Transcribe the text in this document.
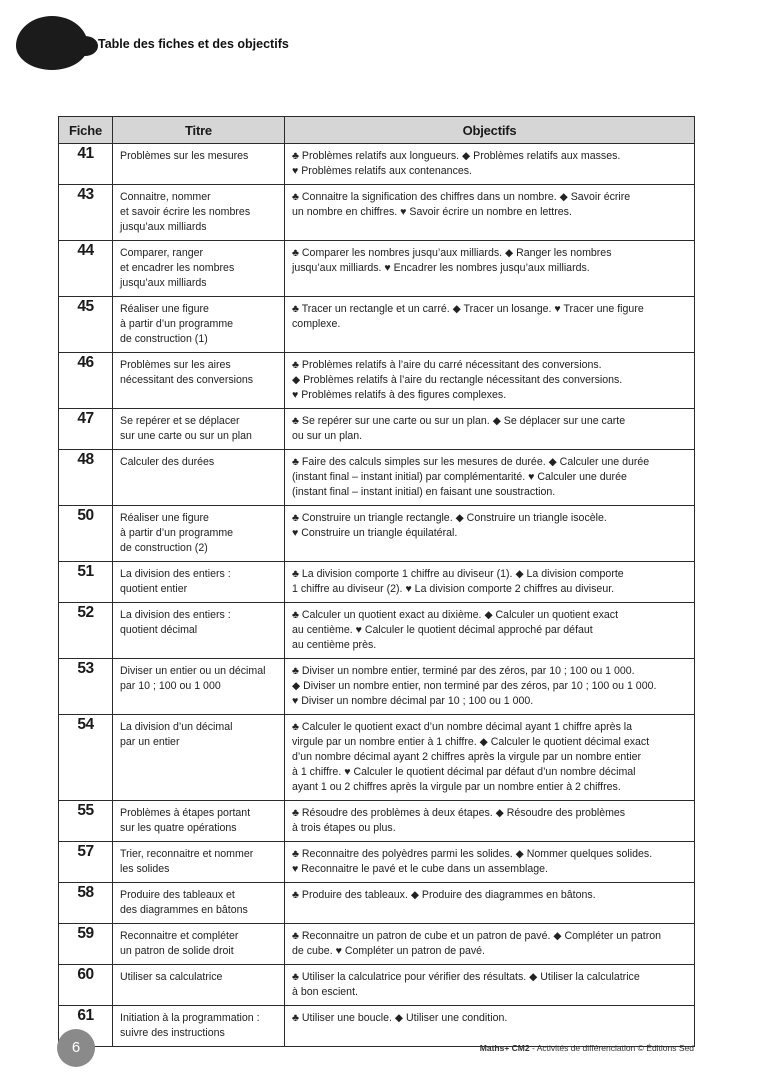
Table des fiches et des objectifs
Fiche	Titre	Objectifs
41	Problèmes sur les mesures	♣ Problèmes relatifs aux longueurs. ◆ Problèmes relatifs aux masses.
♥ Problèmes relatifs aux contenances.

43	Connaitre, nommer
et savoir écrire les nombres
jusqu’aux milliards	♣ Connaitre la signification des chiffres dans un nombre. ◆ Savoir écrire
un nombre en chiffres. ♥ Savoir écrire un nombre en lettres.

44	Comparer, ranger
et encadrer les nombres
jusqu’aux milliards	♣ Comparer les nombres jusqu’aux milliards. ◆ Ranger les nombres
jusqu’aux milliards. ♥ Encadrer les nombres jusqu’aux milliards.

45	Réaliser une figure
à partir d’un programme
de construction (1)	♣ Tracer un rectangle et un carré. ◆ Tracer un losange. ♥ Tracer une figure
complexe.

46	Problèmes sur les aires
nécessitant des conversions	♣ Problèmes relatifs à l’aire du carré nécessitant des conversions.
◆ Problèmes relatifs à l’aire du rectangle nécessitant des conversions.
♥ Problèmes relatifs à des figures complexes.

47	Se repérer et se déplacer
sur une carte ou sur un plan	♣ Se repérer sur une carte ou sur un plan. ◆ Se déplacer sur une carte
ou sur un plan.

48	Calculer des durées	♣ Faire des calculs simples sur les mesures de durée. ◆ Calculer une durée
(instant final – instant initial) par complémentarité. ♥ Calculer une durée
(instant final – instant initial) en faisant une soustraction.

50	Réaliser une figure
à partir d’un programme
de construction (2)	♣ Construire un triangle rectangle. ◆ Construire un triangle isocèle.
♥ Construire un triangle équilatéral.

51	La division des entiers :
quotient entier	♣ La division comporte 1 chiffre au diviseur (1). ◆ La division comporte
1 chiffre au diviseur (2). ♥ La division comporte 2 chiffres au diviseur.

52	La division des entiers :
quotient décimal	♣ Calculer un quotient exact au dixième. ◆ Calculer un quotient exact
au centième. ♥ Calculer le quotient décimal approché par défaut
au centième près.

53	Diviser un entier ou un décimal
par 10 ; 100 ou 1 000	♣ Diviser un nombre entier, terminé par des zéros, par 10 ; 100 ou 1 000.
◆ Diviser un nombre entier, non terminé par des zéros, par 10 ; 100 ou 1 000.
♥ Diviser un nombre décimal par 10 ; 100 ou 1 000.

54	La division d’un décimal
par un entier	♣ Calculer le quotient exact d’un nombre décimal ayant 1 chiffre après la
virgule par un nombre entier à 1 chiffre. ◆ Calculer le quotient décimal exact
d’un nombre décimal ayant 2 chiffres après la virgule par un nombre entier
à 1 chiffre. ♥ Calculer le quotient décimal par défaut d’un nombre décimal
ayant 1 ou 2 chiffres après la virgule par un nombre entier à 2 chiffres.

55	Problèmes à étapes portant
sur les quatre opérations	♣ Résoudre des problèmes à deux étapes. ◆ Résoudre des problèmes
à trois étapes ou plus.

57	Trier, reconnaitre et nommer
les solides	♣ Reconnaitre des polyèdres parmi les solides. ◆ Nommer quelques solides.
♥ Reconnaitre le pavé et le cube dans un assemblage.

58	Produire des tableaux et
des diagrammes en bâtons	♣ Produire des tableaux. ◆ Produire des diagrammes en bâtons.

59	Reconnaitre et compléter
un patron de solide droit	♣ Reconnaitre un patron de cube et un patron de pavé. ◆ Compléter un patron
de cube. ♥ Compléter un patron de pavé.

60	Utiliser sa calculatrice	♣ Utiliser la calculatrice pour vérifier des résultats. ◆ Utiliser la calculatrice
à bon escient.

61	Initiation à la programmation :
suivre des instructions	♣ Utiliser une boucle. ◆ Utiliser une condition.
6	Maths+ CM2 - Activités de différenciation © Éditions Sed
